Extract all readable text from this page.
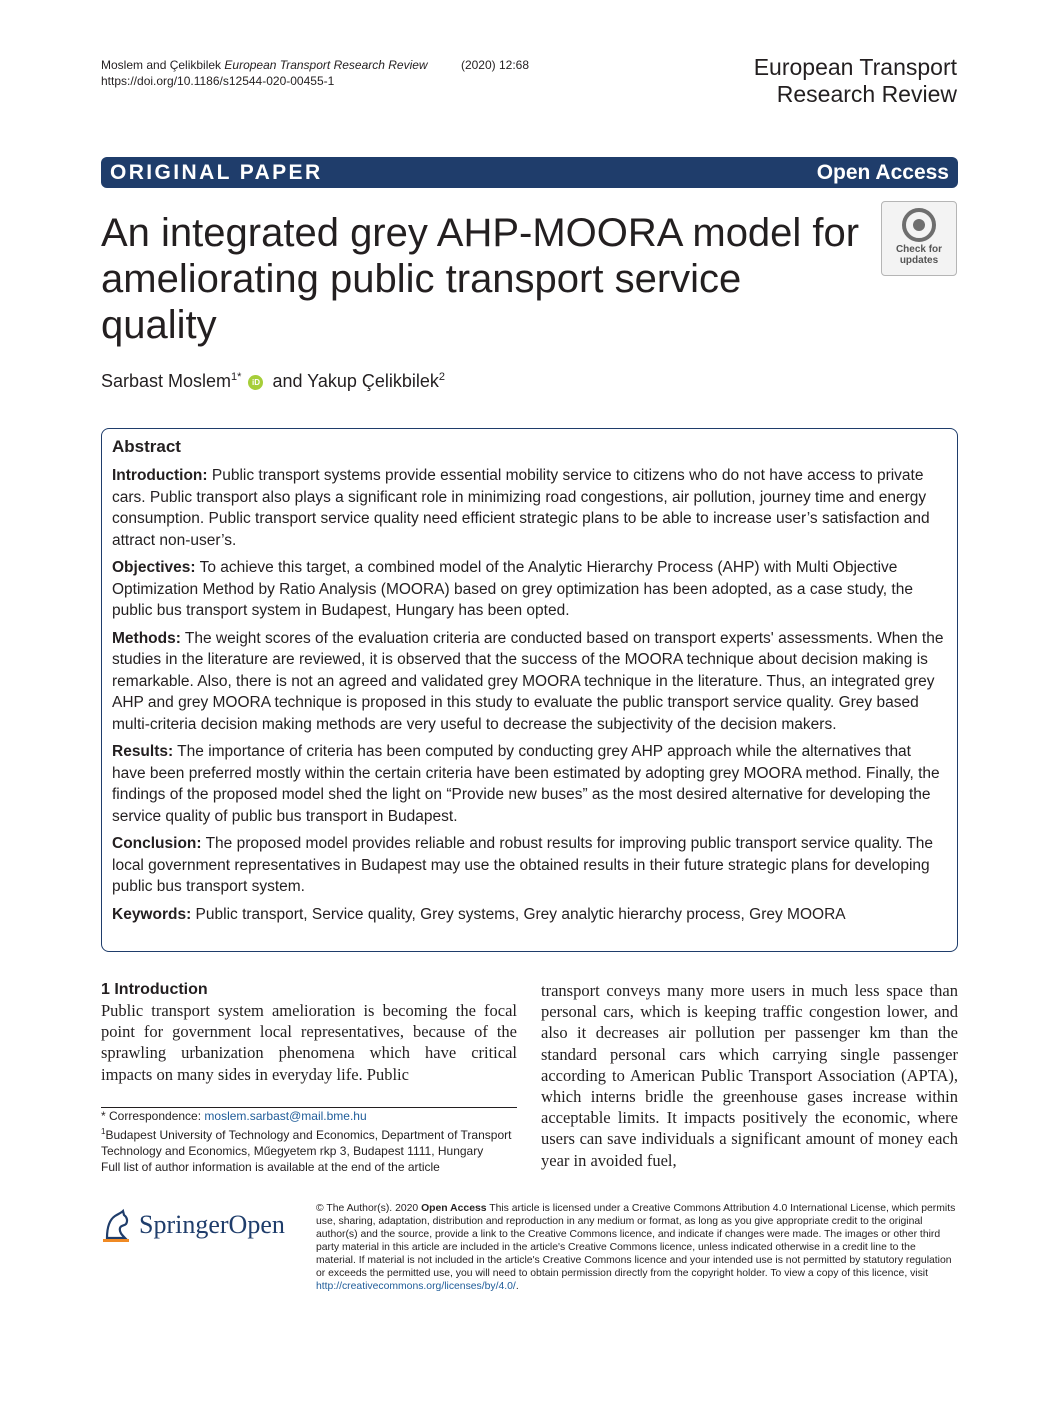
Moslem and Çelikbilek European Transport Research Review	(2020) 12:68
https://doi.org/10.1186/s12544-020-00455-1
European Transport
Research Review
ORIGINAL PAPER	Open Access
An integrated grey AHP-MOORA model for ameliorating public transport service quality
Check for
updates
Sarbast Moslem$^{1*}$ iD and Yakup Çelikbilek$^2$
Abstract

Introduction: Public transport systems provide essential mobility service to citizens who do not have access to private cars. Public transport also plays a significant role in minimizing road congestions, air pollution, journey time and energy consumption. Public transport service quality need efficient strategic plans to be able to increase user’s satisfaction and attract non-user’s.

Objectives: To achieve this target, a combined model of the Analytic Hierarchy Process (AHP) with Multi Objective Optimization Method by Ratio Analysis (MOORA) based on grey optimization has been adopted, as a case study, the public bus transport system in Budapest, Hungary has been opted.

Methods: The weight scores of the evaluation criteria are conducted based on transport experts' assessments. When the studies in the literature are reviewed, it is observed that the success of the MOORA technique about decision making is remarkable. Also, there is not an agreed and validated grey MOORA technique in the literature. Thus, an integrated grey AHP and grey MOORA technique is proposed in this study to evaluate the public transport service quality. Grey based multi-criteria decision making methods are very useful to decrease the subjectivity of the decision makers.

Results: The importance of criteria has been computed by conducting grey AHP approach while the alternatives that have been preferred mostly within the certain criteria have been estimated by adopting grey MOORA method. Finally, the findings of the proposed model shed the light on “Provide new buses” as the most desired alternative for developing the service quality of public bus transport in Budapest.

Conclusion: The proposed model provides reliable and robust results for improving public transport service quality. The local government representatives in Budapest may use the obtained results in their future strategic plans for developing public bus transport system.

Keywords: Public transport, Service quality, Grey systems, Grey analytic hierarchy process, Grey MOORA

1 Introduction

Public transport system amelioration is becoming the focal point for government local representatives, because of the sprawling urbanization phenomena which have critical impacts on many sides in everyday life. Public

transport conveys many more users in much less space than personal cars, which is keeping traffic congestion lower, and also it decreases air pollution per passenger km than the standard personal cars which carrying single passenger according to American Public Transport Association (APTA), which interns bridle the greenhouse gases increase within acceptable limits. It impacts positively the economic, where users can save individuals a significant amount of money each year in avoided fuel,

* Correspondence: moslem.sarbast@mail.bme.hu

$^1$Budapest University of Technology and Economics, Department of Transport Technology and Economics, Műegyetem rkp 3, Budapest 1111, Hungary

Full list of author information is available at the end of the article

SpringerOpen
© The Author(s). 2020 Open Access This article is licensed under a Creative Commons Attribution 4.0 International License, which permits use, sharing, adaptation, distribution and reproduction in any medium or format, as long as you give appropriate credit to the original author(s) and the source, provide a link to the Creative Commons licence, and indicate if changes were made. The images or other third party material in this article are included in the article's Creative Commons licence, unless indicated otherwise in a credit line to the material. If material is not included in the article's Creative Commons licence and your intended use is not permitted by statutory regulation or exceeds the permitted use, you will need to obtain permission directly from the copyright holder. To view a copy of this licence, visit http://creativecommons.org/licenses/by/4.0/.
